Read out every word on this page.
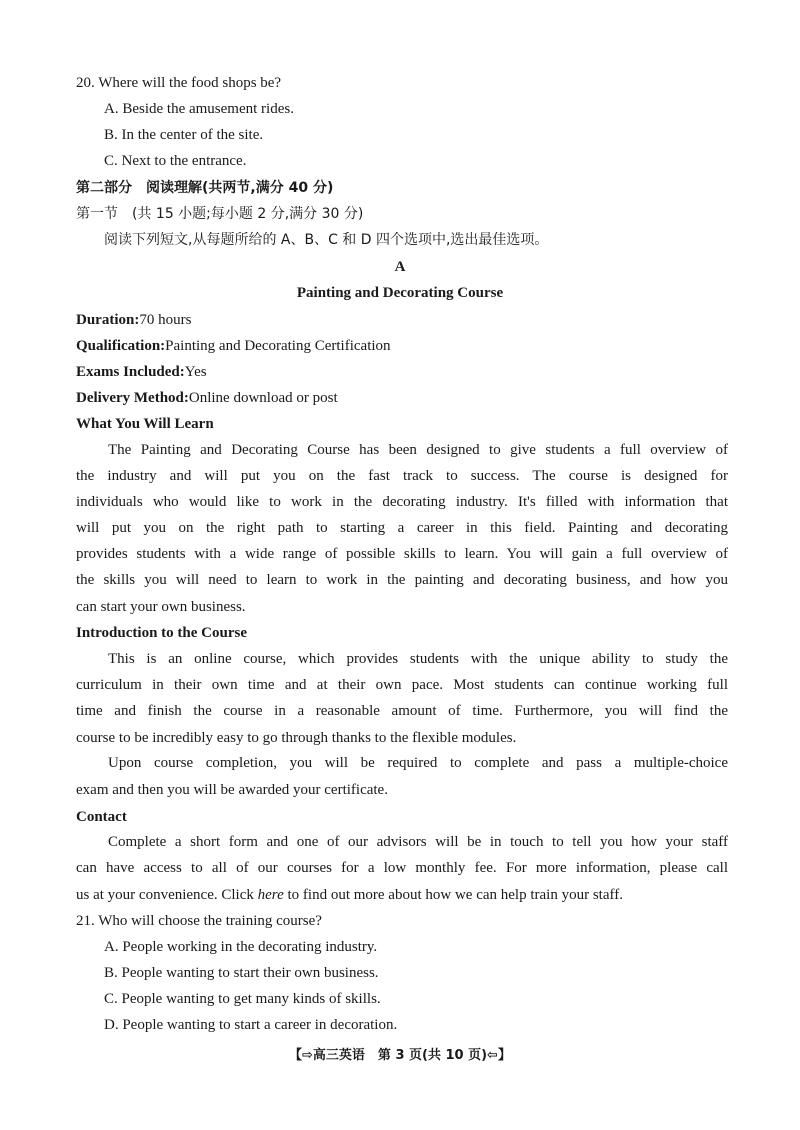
20. Where will the food shops be?
A. Beside the amusement rides.
B. In the center of the site.
C. Next to the entrance.
第二部分　阅读理解(共两节,满分 40 分)
第一节　(共 15 小题;每小题 2 分,满分 30 分)
阅读下列短文,从每题所给的 A、B、C 和 D 四个选项中,选出最佳选项。
A
Painting and Decorating Course
Duration:70 hours
Qualification:Painting and Decorating Certification
Exams Included:Yes
Delivery Method:Online download or post
What You Will Learn
The Painting and Decorating Course has been designed to give students a full overview of
the industry and will put you on the fast track to success. The course is designed for
individuals who would like to work in the decorating industry. It's filled with information that
will put you on the right path to starting a career in this field. Painting and decorating
provides students with a wide range of possible skills to learn. You will gain a full overview of
the skills you will need to learn to work in the painting and decorating business, and how you
can start your own business.
Introduction to the Course
This is an online course, which provides students with the unique ability to study the
curriculum in their own time and at their own pace. Most students can continue working full
time and finish the course in a reasonable amount of time. Furthermore, you will find the
course to be incredibly easy to go through thanks to the flexible modules.
Upon course completion, you will be required to complete and pass a multiple-choice
exam and then you will be awarded your certificate.
Contact
Complete a short form and one of our advisors will be in touch to tell you how your staff
can have access to all of our courses for a low monthly fee. For more information, please call
us at your convenience. Click here to find out more about how we can help train your staff.
21. Who will choose the training course?
A. People working in the decorating industry.
B. People wanting to start their own business.
C. People wanting to get many kinds of skills.
D. People wanting to start a career in decoration.
【⇨高三英语　第 3 页(共 10 页)⇦】
